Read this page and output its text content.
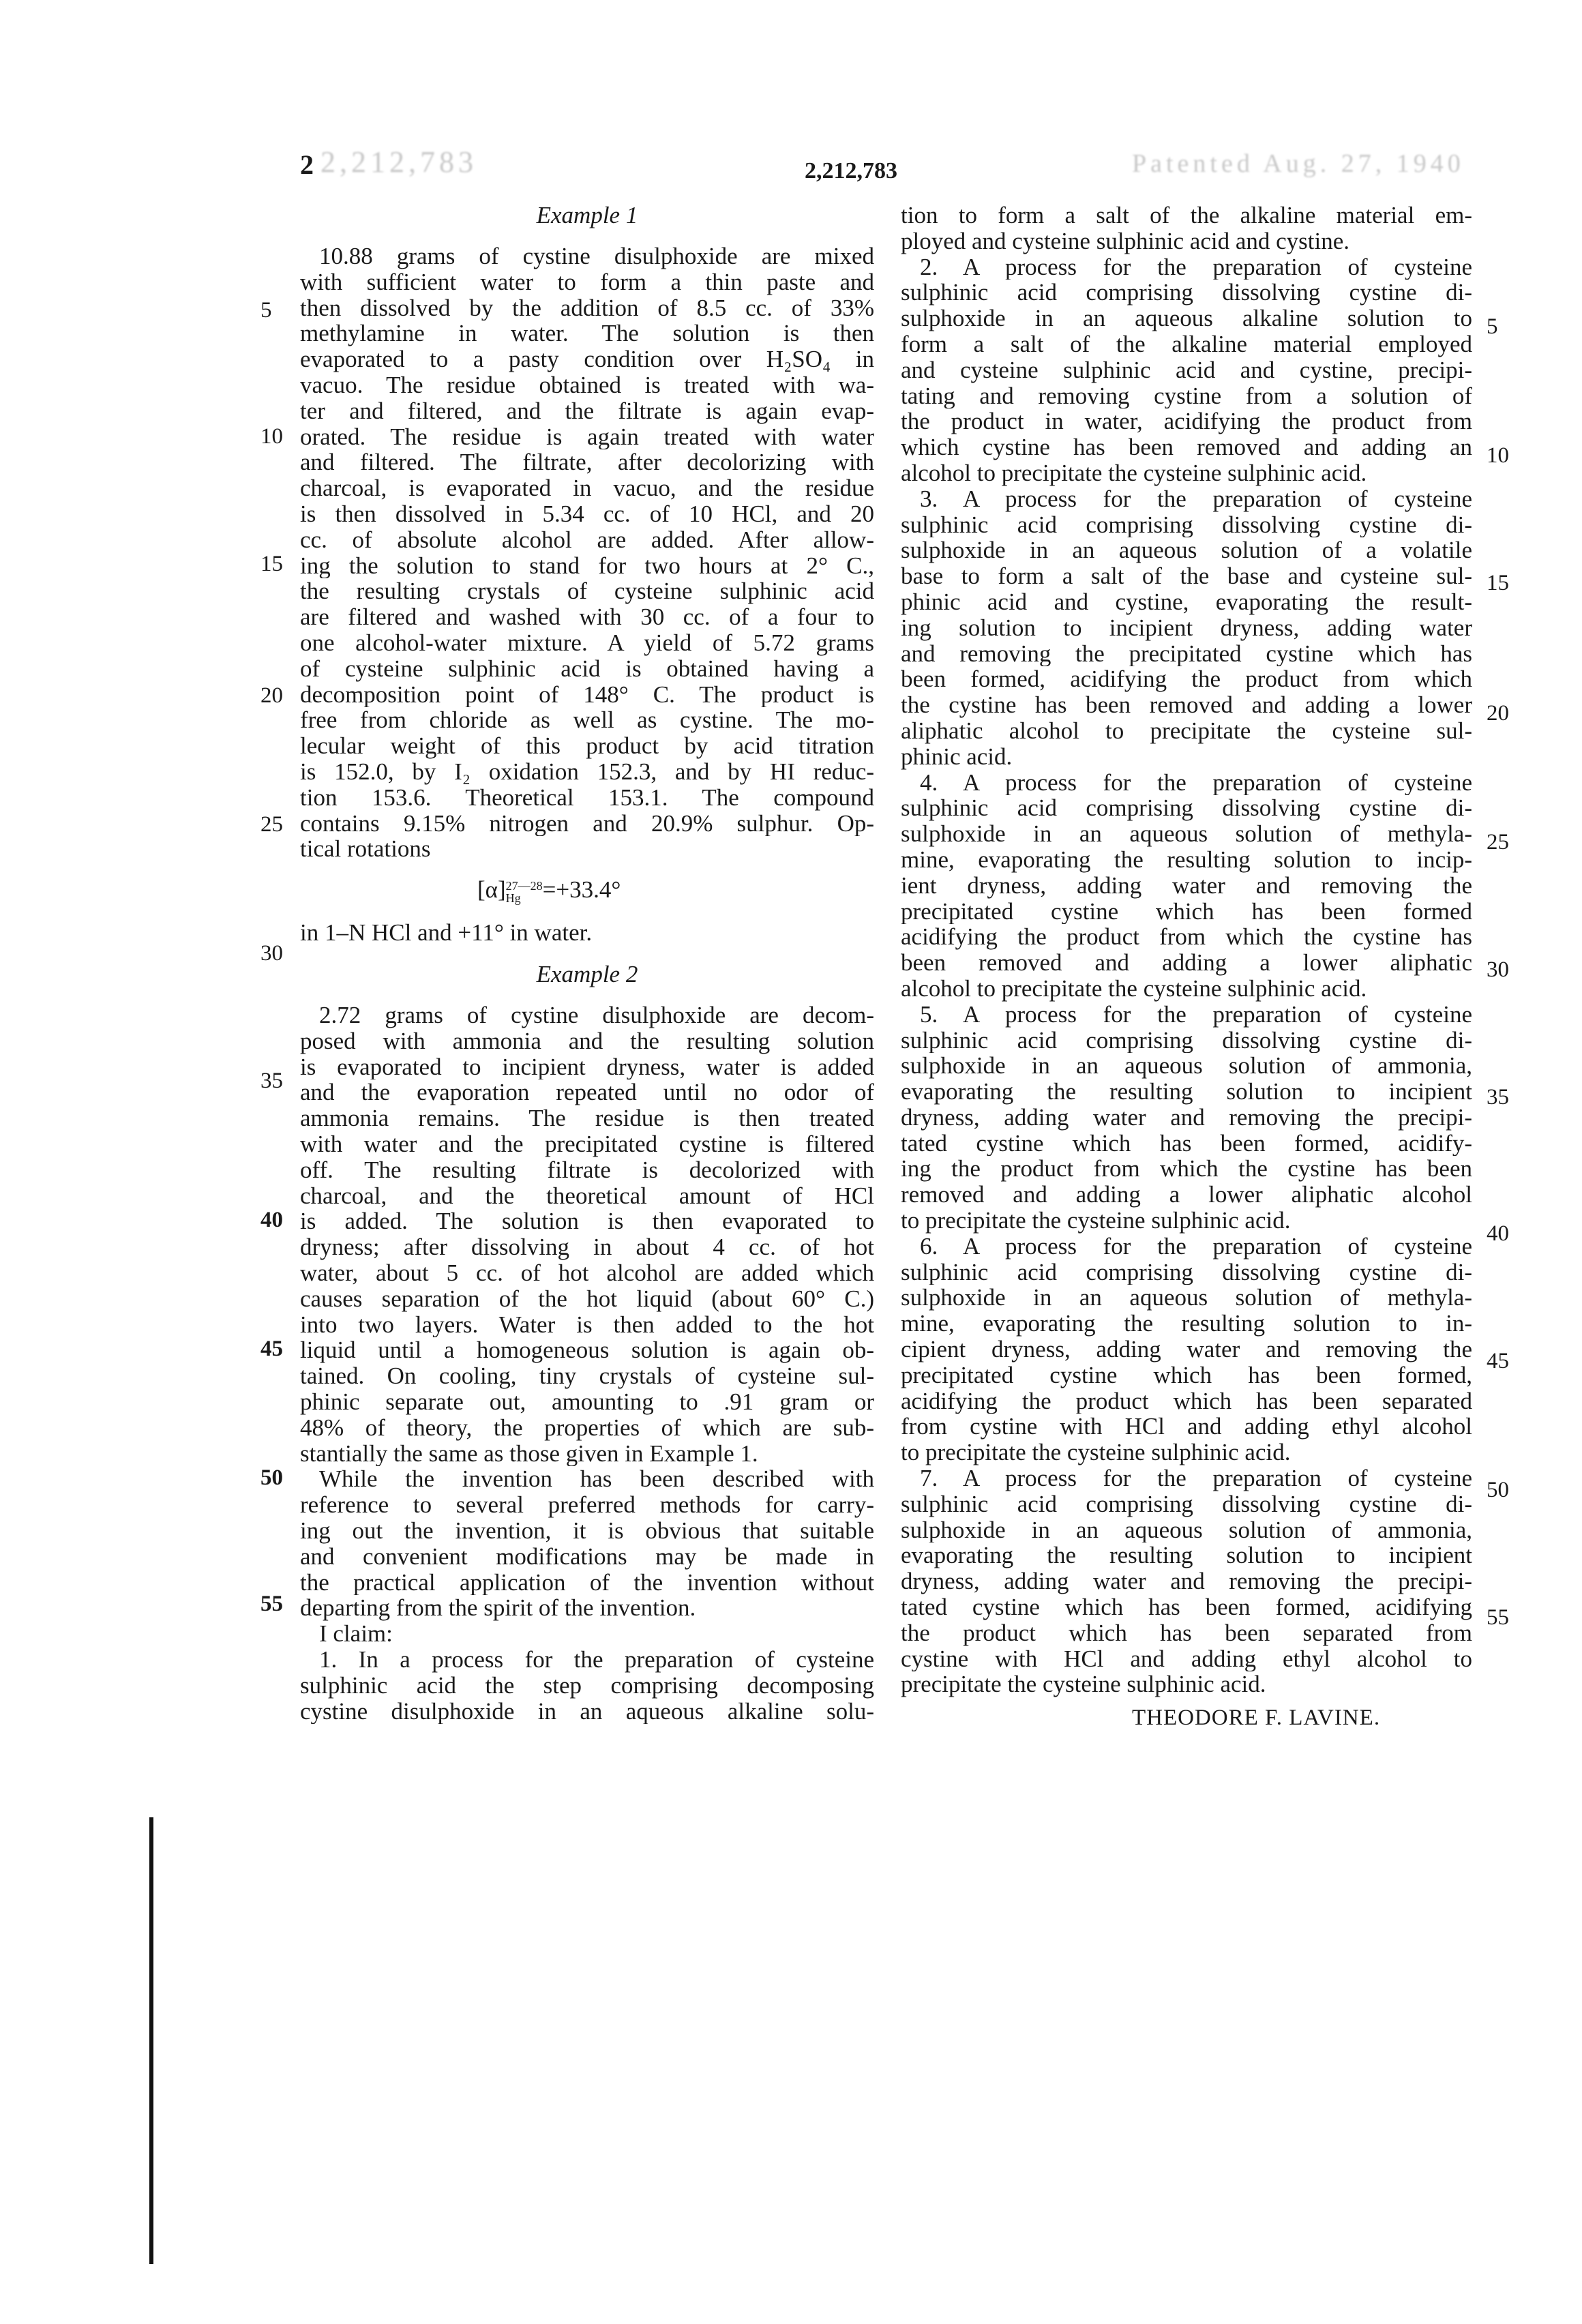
2 2,212,783	2,212,783	Patented Aug. 27, 1940
Example 1
10.88 grams of cystine disulphoxide are mixed
with sufficient water to form a thin paste and
then dissolved by the addition of 8.5 cc. of 33%
methylamine in water. The solution is then
evaporated to a pasty condition over H₂SO₄ in
vacuo. The residue obtained is treated with wa-
ter and filtered, and the filtrate is again evap-
orated. The residue is again treated with water
and filtered. The filtrate, after decolorizing with
charcoal, is evaporated in vacuo, and the residue
is then dissolved in 5.34 cc. of 10 HCl, and 20
cc. of absolute alcohol are added. After allow-
ing the solution to stand for two hours at 2° C.,
the resulting crystals of cysteine sulphinic acid
are filtered and washed with 30 cc. of a four to
one alcohol-water mixture. A yield of 5.72 grams
of cysteine sulphinic acid is obtained having a
decomposition point of 148° C. The product is
free from chloride as well as cystine. The mo-
lecular weight of this product by acid titration
is 152.0, by I₂ oxidation 152.3, and by HI reduc-
tion 153.6. Theoretical 153.1. The compound
contains 9.15% nitrogen and 20.9% sulphur. Op-
tical rotations
[α] 27—28
Hg =+33.4°
in 1–N HCl and +11° in water.
Example 2
2.72 grams of cystine disulphoxide are decom-
posed with ammonia and the resulting solution
is evaporated to incipient dryness, water is added
and the evaporation repeated until no odor of
ammonia remains. The residue is then treated
with water and the precipitated cystine is filtered
off. The resulting filtrate is decolorized with
charcoal, and the theoretical amount of HCl
is added. The solution is then evaporated to
dryness; after dissolving in about 4 cc. of hot
water, about 5 cc. of hot alcohol are added which
causes separation of the hot liquid (about 60° C.)
into two layers. Water is then added to the hot
liquid until a homogeneous solution is again ob-
tained. On cooling, tiny crystals of cysteine sul-
phinic separate out, amounting to .91 gram or
48% of theory, the properties of which are sub-
stantially the same as those given in Example 1.
While the invention has been described with
reference to several preferred methods for carry-
ing out the invention, it is obvious that suitable
and convenient modifications may be made in
the practical application of the invention without
departing from the spirit of the invention.
I claim:
1. In a process for the preparation of cysteine
sulphinic acid the step comprising decomposing
cystine disulphoxide in an aqueous alkaline solu-
5
10
15
20
25
30
35
40
45
50
55
tion to form a salt of the alkaline material em-
ployed and cysteine sulphinic acid and cystine.
2. A process for the preparation of cysteine
sulphinic acid comprising dissolving cystine di-
sulphoxide in an aqueous alkaline solution to
form a salt of the alkaline material employed
and cysteine sulphinic acid and cystine, precipi-
tating and removing cystine from a solution of
the product in water, acidifying the product from
which cystine has been removed and adding an
alcohol to precipitate the cysteine sulphinic acid.
3. A process for the preparation of cysteine
sulphinic acid comprising dissolving cystine di-
sulphoxide in an aqueous solution of a volatile
base to form a salt of the base and cysteine sul-
phinic acid and cystine, evaporating the result-
ing solution to incipient dryness, adding water
and removing the precipitated cystine which has
been formed, acidifying the product from which
the cystine has been removed and adding a lower
aliphatic alcohol to precipitate the cysteine sul-
phinic acid.
4. A process for the preparation of cysteine
sulphinic acid comprising dissolving cystine di-
sulphoxide in an aqueous solution of methyla-
mine, evaporating the resulting solution to incip-
ient dryness, adding water and removing the
precipitated cystine which has been formed
acidifying the product from which the cystine has
been removed and adding a lower aliphatic
alcohol to precipitate the cysteine sulphinic acid.
5. A process for the preparation of cysteine
sulphinic acid comprising dissolving cystine di-
sulphoxide in an aqueous solution of ammonia,
evaporating the resulting solution to incipient
dryness, adding water and removing the precipi-
tated cystine which has been formed, acidify-
ing the product from which the cystine has been
removed and adding a lower aliphatic alcohol
to precipitate the cysteine sulphinic acid.
6. A process for the preparation of cysteine
sulphinic acid comprising dissolving cystine di-
sulphoxide in an aqueous solution of methyla-
mine, evaporating the resulting solution to in-
cipient dryness, adding water and removing the
precipitated cystine which has been formed,
acidifying the product which has been separated
from cystine with HCl and adding ethyl alcohol
to precipitate the cysteine sulphinic acid.
7. A process for the preparation of cysteine
sulphinic acid comprising dissolving cystine di-
sulphoxide in an aqueous solution of ammonia,
evaporating the resulting solution to incipient
dryness, adding water and removing the precipi-
tated cystine which has been formed, acidifying
the product which has been separated from
cystine with HCl and adding ethyl alcohol to
precipitate the cysteine sulphinic acid.
THEODORE F. LAVINE.
5
10
15
20
25
30
35
40
45
50
55
